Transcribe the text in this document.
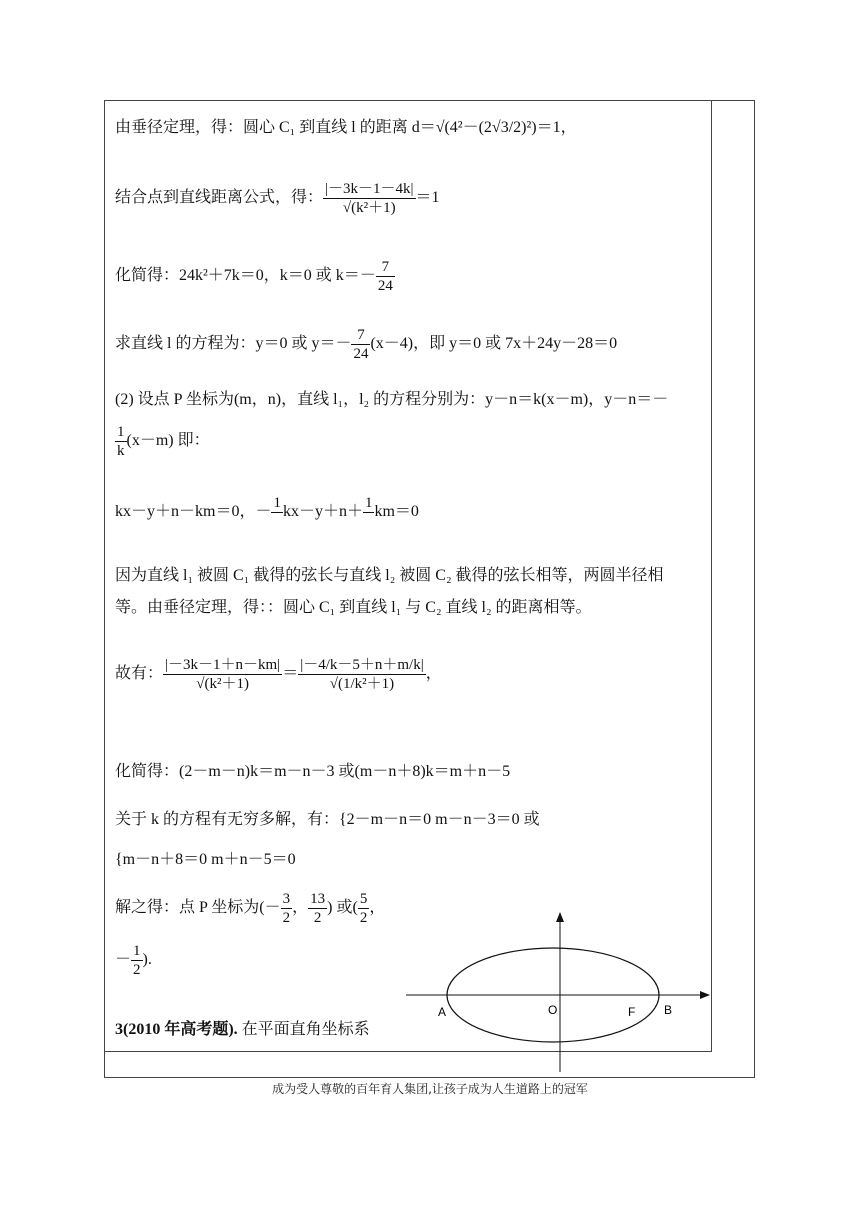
由垂径定理，得：圆心 C₁ 到直线 l 的距离 d＝√(4²－(2√3/2)²)＝1，
结合点到直线距离公式，得： $\frac{|-3k-1-4k|}{\text{√(k²＋1)}} =1$
化简得：24k²＋7k＝0，k＝0 或 $k=- \frac{7}{24}$
求直线 l 的方程为：y＝0 或 $y=- \frac{7}{24} (x-4)$，即 y＝0 或 7x＋24y－28＝0
(2) 设点 P 坐标为(m，n)，直线 l₁，l₂ 的方程分别为：y－n＝k(x－m)，y－n＝－
$\frac{1}{k} (x-m)$ 即：
kx－y＋n－km＝0，－
1

kx－y＋n＋
1

km＝0
因为直线 l₁ 被圆 C₁ 截得的弦长与直线 l₂ 被圆 C₂ 截得的弦长相等，两圆半径相
等。由垂径定理，得：：圆心 C₁ 到直线 l₁ 与 C₂ 直线 l₂ 的距离相等。
故有： $\frac{|-3k-1+n-km|}{\text{√(k²＋1)}} = \frac{|-4/k-5+n+m/k|}{\text{√(1/k²＋1)}}$ ，
化简得：(2－m－n)k＝m－n－3 或(m－n＋8)k＝m＋n－5
关于 k 的方程有无穷多解，有：{2－m－n＝0 m－n－3＝0 或
{m－n＋8＝0 m＋n－5＝0
解之得：点 P 坐标为(－ $\frac{3}{2}$ ， $\frac{13}{2}$ ) 或( $\frac{5}{2}$ ，
－ $\frac{1}{2}$ ).
3(2010 年高考题). 在平面直角坐标系
A	O	F B
成为受人尊敬的百年育人集团,让孩子成为人生道路上的冠军
